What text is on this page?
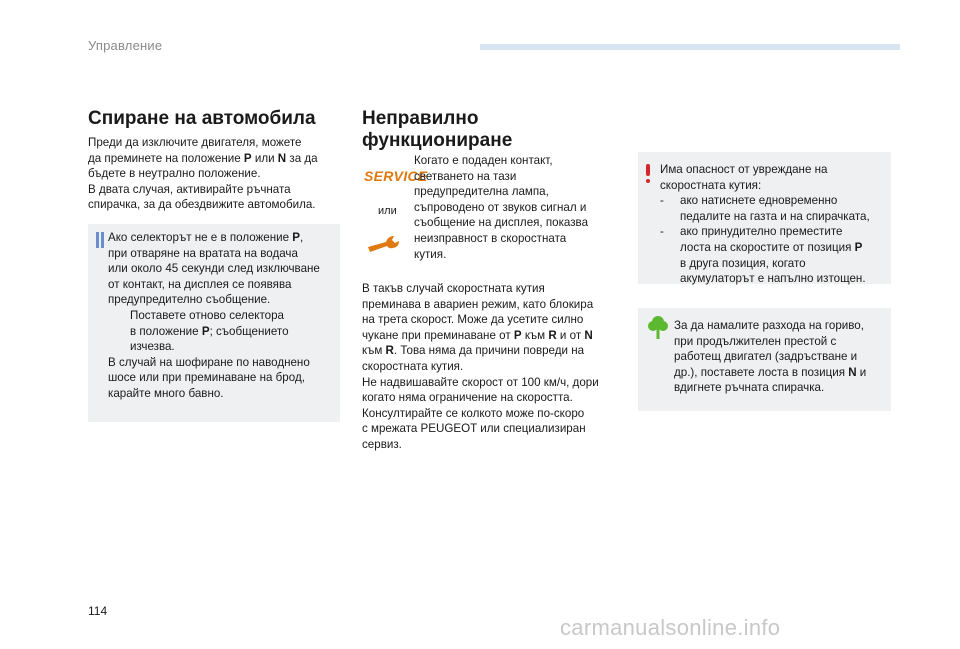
Управление
Спиране на автомобила
Преди да изключите двигателя, можете
да преминете на положение P или N за да
бъдете в неутрално положение.
В двата случая, активирайте ръчната
спирачка, за да обездвижите автомобила.
Ако селекторът не е в положение P,
при отваряне на вратата на водача
или около 45 секунди след изключване
от контакт, на дисплея се появява
предупредително съобщение.
Поставете отново селектора
в положение P; съобщението
изчезва.
В случай на шофиране по наводнено
шосе или при преминаване на брод,
карайте много бавно.
Неправилно
функциониране
SERVICE
или
Когато е подаден контакт,
светването на тази
предупредителна лампа,
съпроводено от звуков сигнал и
съобщение на дисплея, показва
неизправност в скоростната
кутия.
В такъв случай скоростната кутия
преминава в авариен режим, като блокира
на трета скорост. Може да усетите силно
чукане при преминаване от P към R и от N
към R. Това няма да причини повреди на
скоростната кутия.
Не надвишавайте скорост от 100 км/ч, дори
когато няма ограничение на скоростта.
Консултирайте се колкото може по-скоро
с мрежата PEUGEOT или специализиран
сервиз.
Има опасност от увреждане на
скоростната кутия:
- ако натиснете едновременно
педалите на газта и на спирачката,
- ако принудително преместите
лоста на скоростите от позиция P
в друга позиция, когато
акумулаторът е напълно изтощен.
За да намалите разхода на гориво,
при продължителен престой с
работещ двигател (задръстване и
др.), поставете лоста в позиция N и
вдигнете ръчната спирачка.
114
carmanualsonline.info
